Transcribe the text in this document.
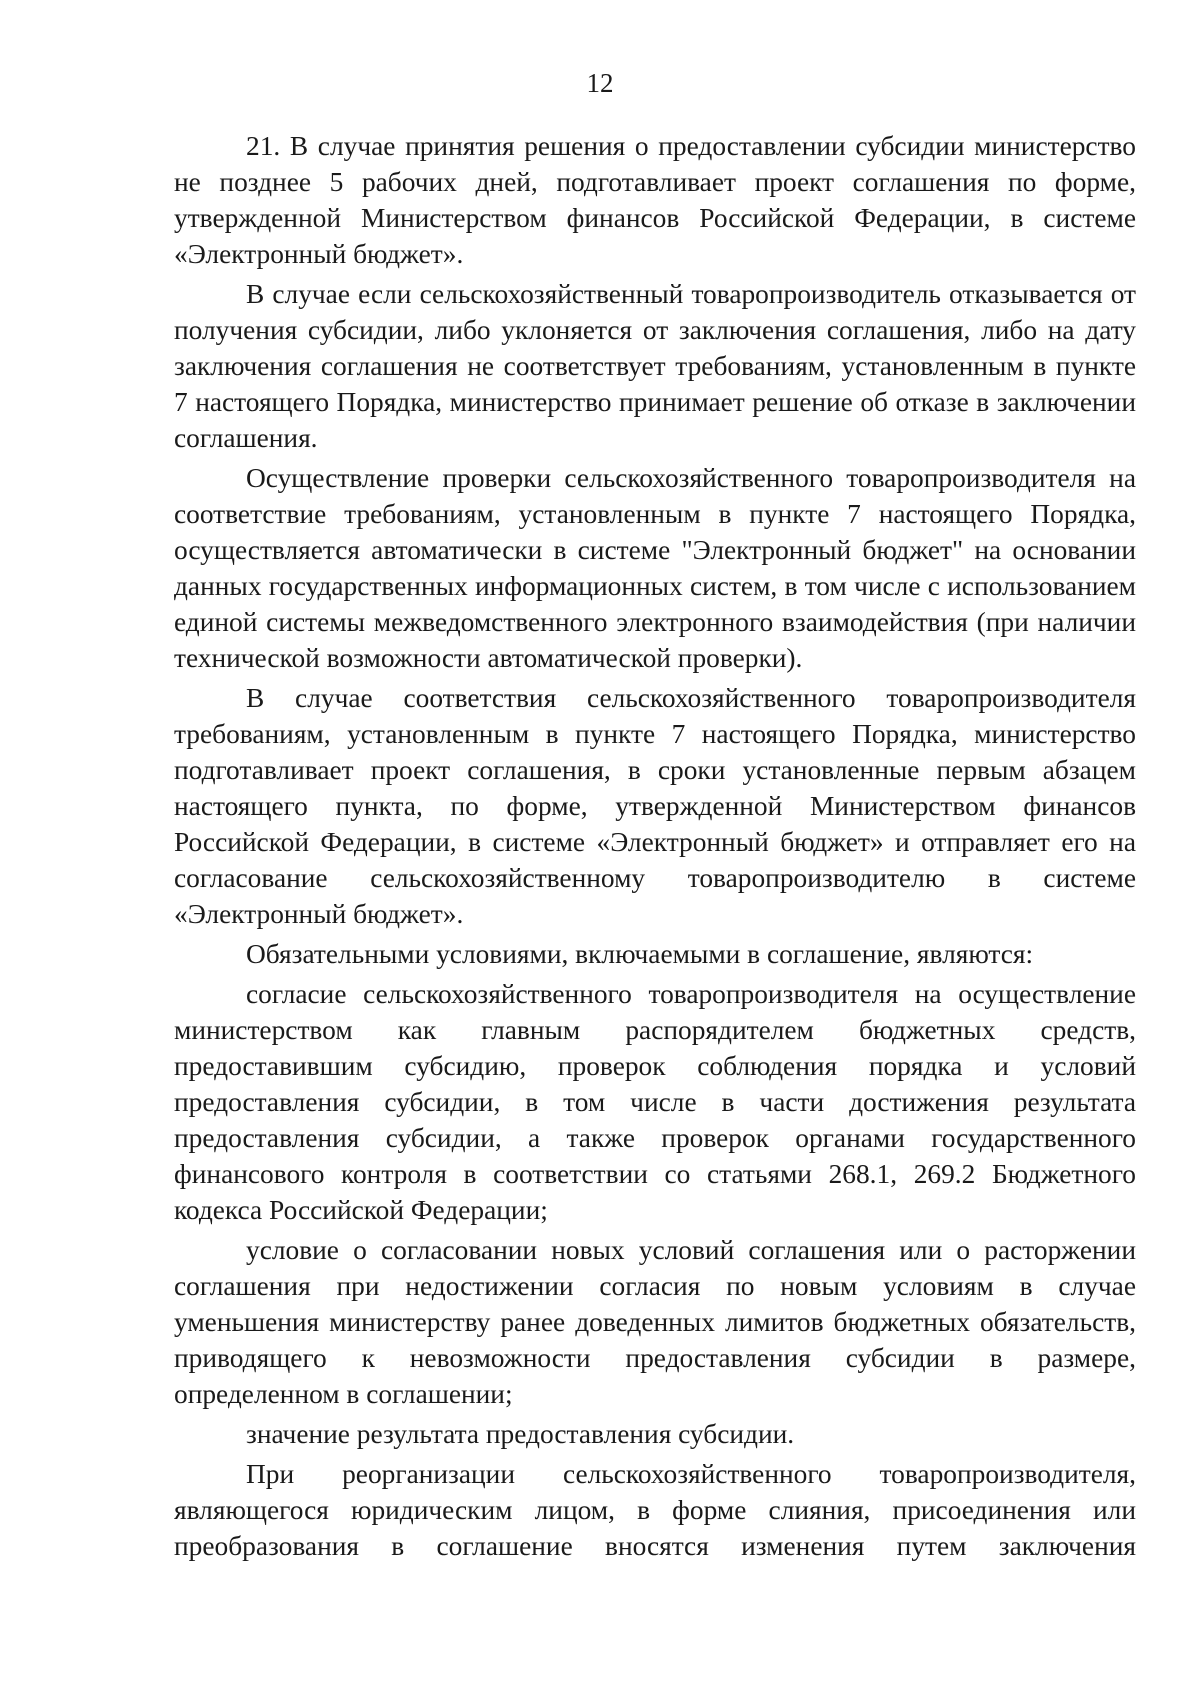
12

21. В случае принятия решения о предоставлении субсидии министерство не позднее 5 рабочих дней, подготавливает проект соглашения по форме, утвержденной Министерством финансов Российской Федерации, в системе «Электронный бюджет».

В случае если сельскохозяйственный товаропроизводитель отказывается от получения субсидии, либо уклоняется от заключения соглашения, либо на дату заключения соглашения не соответствует требованиям, установленным в пункте 7 настоящего Порядка, министерство принимает решение об отказе в заключении соглашения.

Осуществление проверки сельскохозяйственного товаропроизводителя на соответствие требованиям, установленным в пункте 7 настоящего Порядка, осуществляется автоматически в системе "Электронный бюджет" на основании данных государственных информационных систем, в том числе с использованием единой системы межведомственного электронного взаимодействия (при наличии технической возможности автоматической проверки).

В случае соответствия сельскохозяйственного товаропроизводителя требованиям, установленным в пункте 7 настоящего Порядка, министерство подготавливает проект соглашения, в сроки установленные первым абзацем настоящего пункта, по форме, утвержденной Министерством финансов Российской Федерации, в системе «Электронный бюджет» и отправляет его на согласование сельскохозяйственному товаропроизводителю в системе «Электронный бюджет».

Обязательными условиями, включаемыми в соглашение, являются:

согласие сельскохозяйственного товаропроизводителя на осуществление министерством как главным распорядителем бюджетных средств, предоставившим субсидию, проверок соблюдения порядка и условий предоставления субсидии, в том числе в части достижения результата предоставления субсидии, а также проверок органами государственного финансового контроля в соответствии со статьями 268.1, 269.2 Бюджетного кодекса Российской Федерации;

условие о согласовании новых условий соглашения или о расторжении соглашения при недостижении согласия по новым условиям в случае уменьшения министерству ранее доведенных лимитов бюджетных обязательств, приводящего к невозможности предоставления субсидии в размере, определенном в соглашении;

значение результата предоставления субсидии.

При реорганизации сельскохозяйственного товаропроизводителя, являющегося юридическим лицом, в форме слияния, присоединения или преобразования в соглашение вносятся изменения путем заключения
